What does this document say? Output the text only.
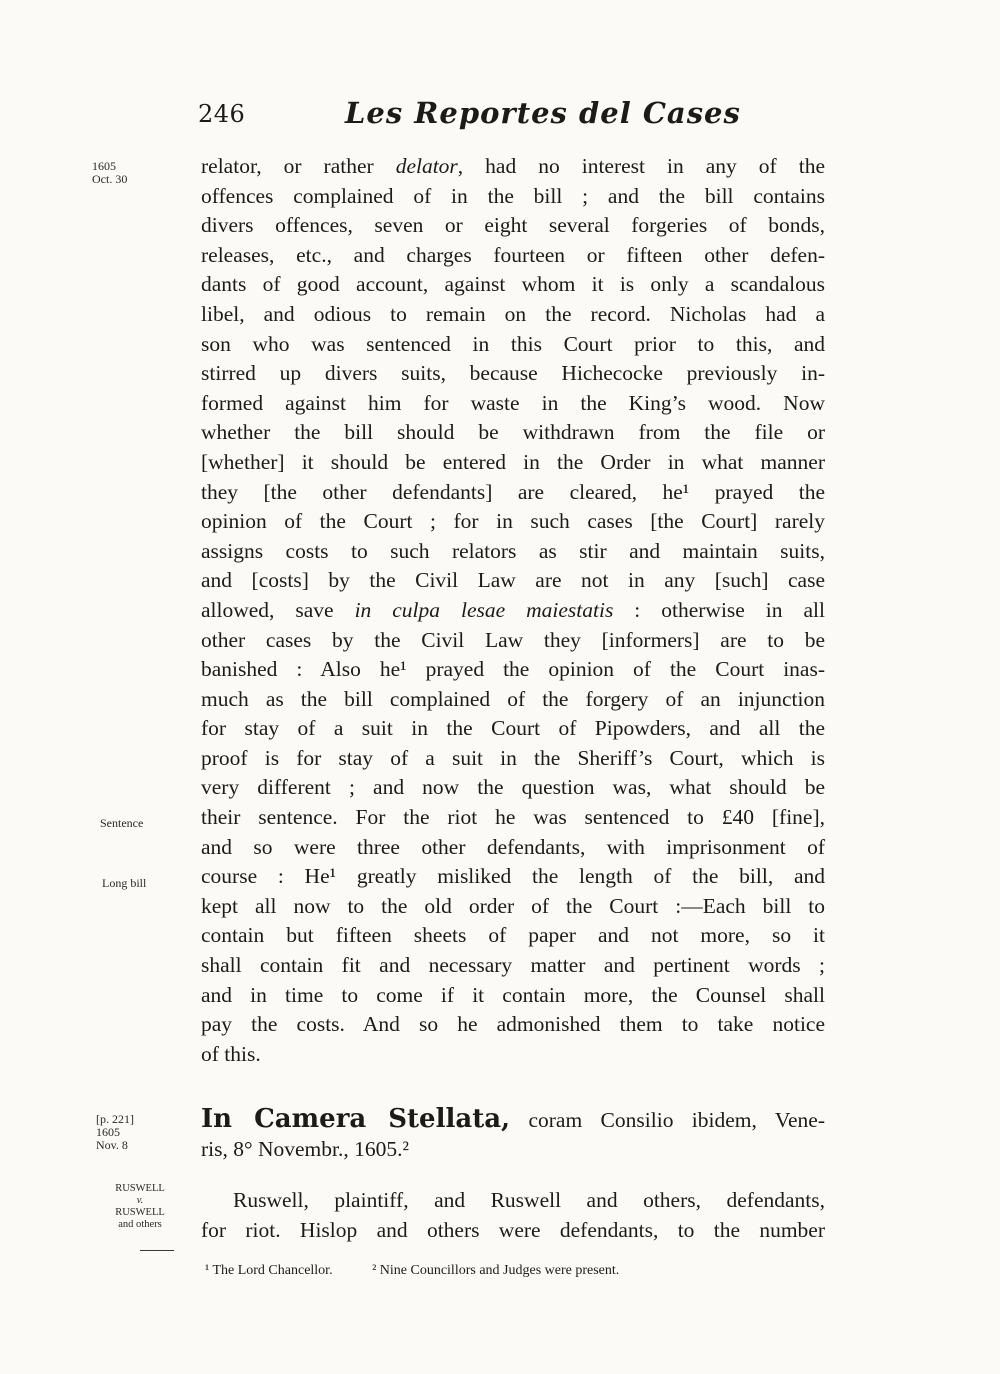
246	Les Reportes del Cases
1605
Oct. 30
Sentence
Long bill
[p. 221]
1605
Nov. 8
RUSWELL
v.
RUSWELL
and others
relator, or rather delator, had no interest in any of the
offences complained of in the bill ; and the bill contains
divers offences, seven or eight several forgeries of bonds,
releases, etc., and charges fourteen or fifteen other defen-
dants of good account, against whom it is only a scandalous
libel, and odious to remain on the record. Nicholas had a
son who was sentenced in this Court prior to this, and
stirred up divers suits, because Hichecocke previously in-
formed against him for waste in the King’s wood. Now
whether the bill should be withdrawn from the file or
[whether] it should be entered in the Order in what manner
they [the other defendants] are cleared, he¹ prayed the
opinion of the Court ; for in such cases [the Court] rarely
assigns costs to such relators as stir and maintain suits,
and [costs] by the Civil Law are not in any [such] case
allowed, save in culpa lesae maiestatis : otherwise in all
other cases by the Civil Law they [informers] are to be
banished : Also he¹ prayed the opinion of the Court inas-
much as the bill complained of the forgery of an injunction
for stay of a suit in the Court of Pipowders, and all the
proof is for stay of a suit in the Sheriff’s Court, which is
very different ; and now the question was, what should be
their sentence. For the riot he was sentenced to £40 [fine],
and so were three other defendants, with imprisonment of
course : He¹ greatly misliked the length of the bill, and
kept all now to the old order of the Court :—Each bill to
contain but fifteen sheets of paper and not more, so it
shall contain fit and necessary matter and pertinent words ;
and in time to come if it contain more, the Counsel shall
pay the costs. And so he admonished them to take notice
of this.
In Camera Stellata, coram Consilio ibidem, Vene-
ris, 8° Novembr., 1605.²
Ruswell, plaintiff, and Ruswell and others, defendants,
for riot. Hislop and others were defendants, to the number
¹ The Lord Chancellor.	² Nine Councillors and Judges were present.
